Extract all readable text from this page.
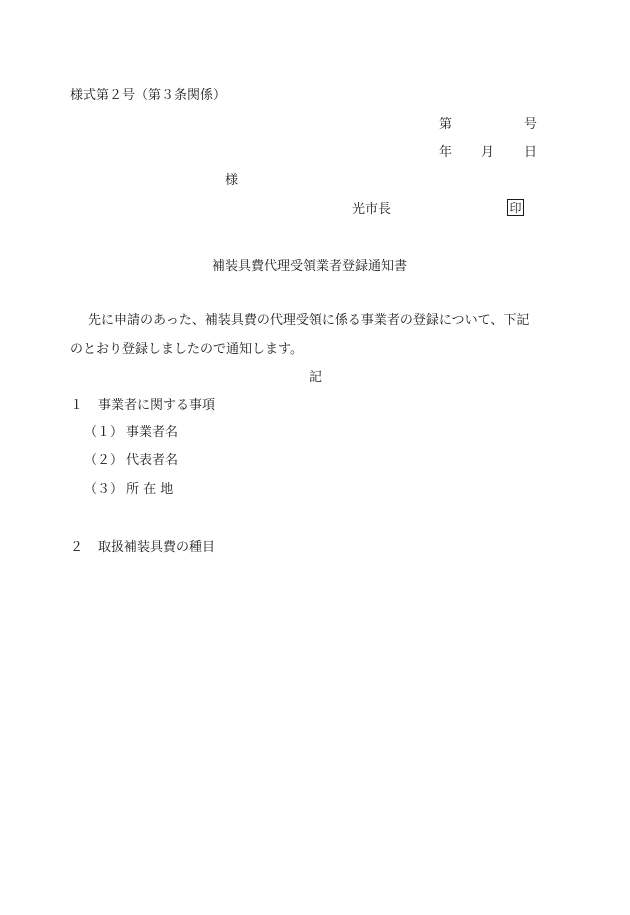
様式第２号（第３条関係）
第	号
年 月 日
様
光市長	印
補装具費代理受領業者登録通知書
先に申請のあった、補装具費の代理受領に係る事業者の登録について、下記
のとおり登録しましたので通知します。
記
１ 事業者に関する事項
（１） 事業者名
（２） 代表者名
（３） 所 在 地
２ 取扱補装具費の種目
